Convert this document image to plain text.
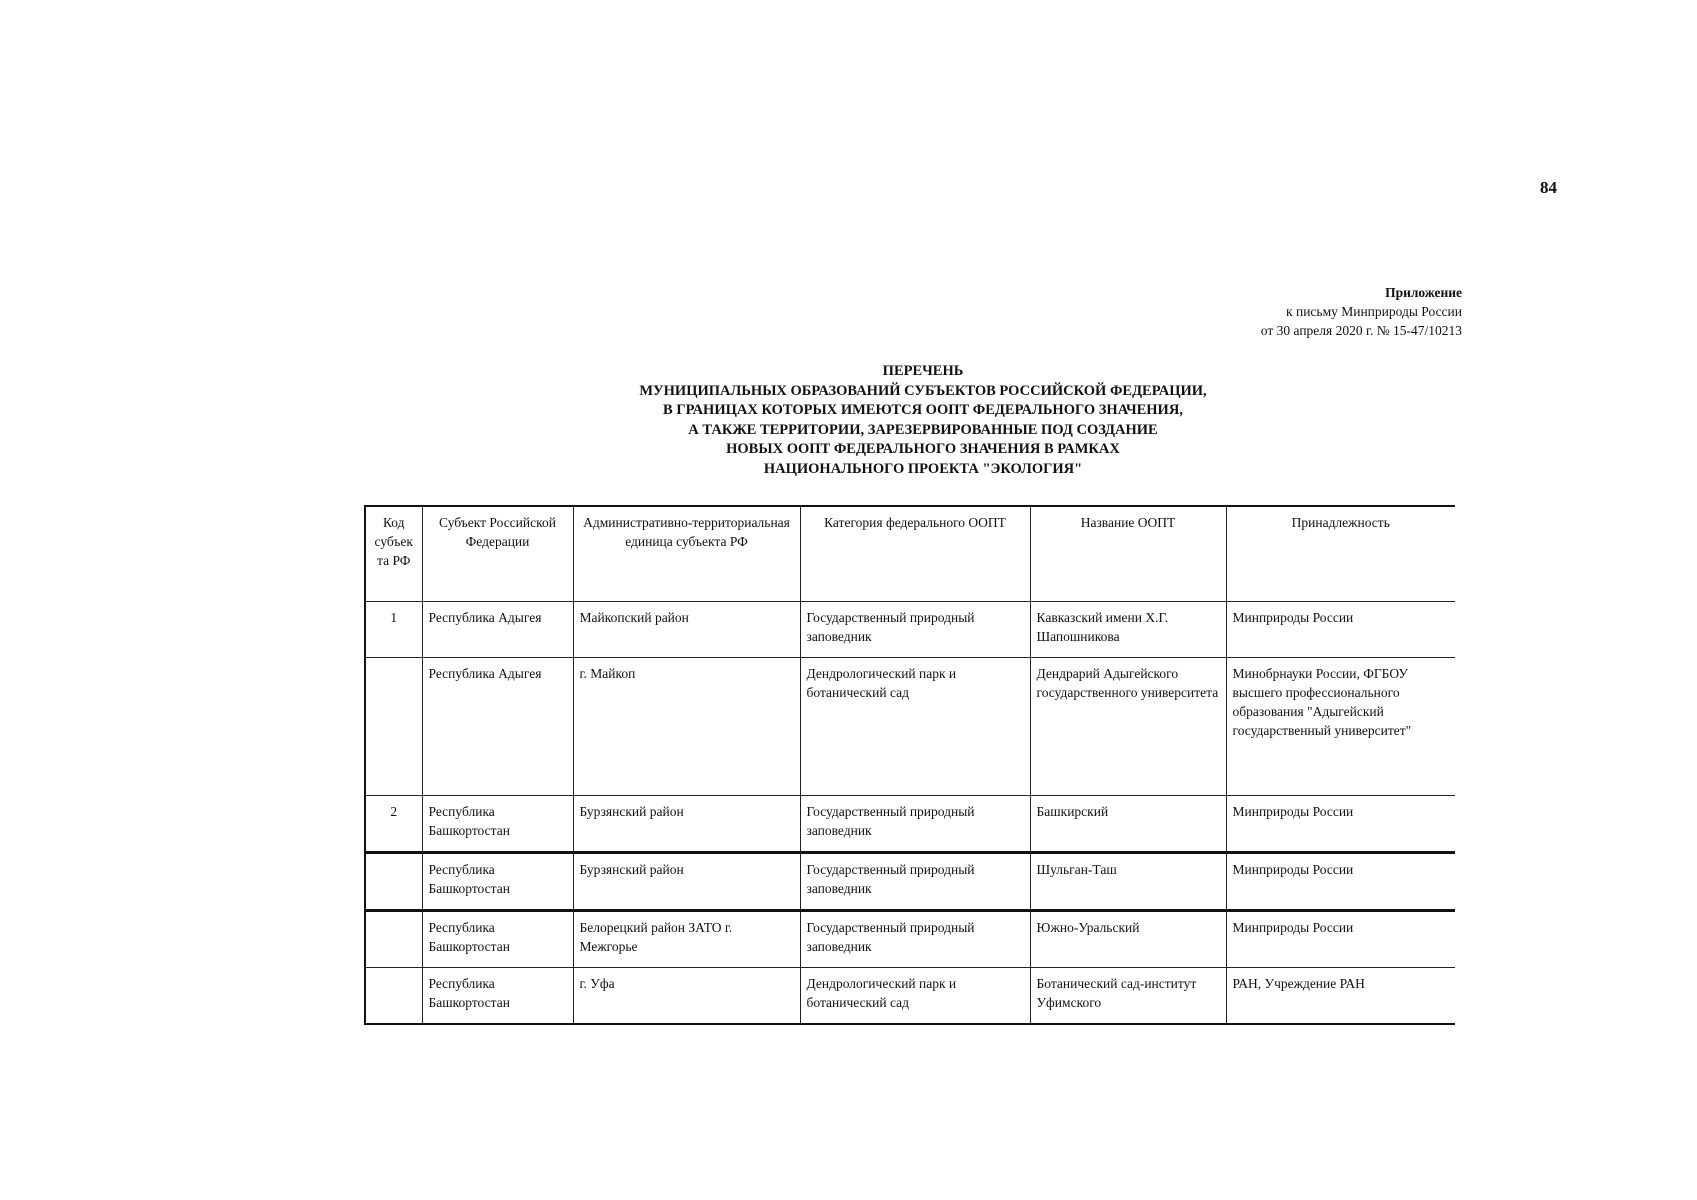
84
Приложение
к письму Минприроды России
от 30 апреля 2020 г. № 15-47/10213
ПЕРЕЧЕНЬ
МУНИЦИПАЛЬНЫХ ОБРАЗОВАНИЙ СУБЪЕКТОВ РОССИЙСКОЙ ФЕДЕРАЦИИ,
В ГРАНИЦАХ КОТОРЫХ ИМЕЮТСЯ ООПТ ФЕДЕРАЛЬНОГО ЗНАЧЕНИЯ,
А ТАКЖЕ ТЕРРИТОРИИ, ЗАРЕЗЕРВИРОВАННЫЕ ПОД СОЗДАНИЕ
НОВЫХ ООПТ ФЕДЕРАЛЬНОГО ЗНАЧЕНИЯ В РАМКАХ
НАЦИОНАЛЬНОГО ПРОЕКТА "ЭКОЛОГИЯ"
Код субъекта РФ	Субъект Российской Федерации	Административно-территориальная единица субъекта РФ	Категория федерального ООПТ	Название ООПТ	Принадлежность
1	Республика Адыгея	Майкопский район	Государственный природный заповедник	Кавказский имени Х.Г. Шапошникова	Минприроды России
	Республика Адыгея	г. Майкоп	Дендрологический парк и ботанический сад	Дендрарий Адыгейского государственного университета	Минобрнауки России, ФГБОУ высшего профессионального образования "Адыгейский государственный университет"
2	Республика Башкортостан	Бурзянский район	Государственный природный заповедник	Башкирский	Минприроды России
	Республика Башкортостан	Бурзянский район	Государственный природный заповедник	Шульган-Таш	Минприроды России
	Республика Башкортостан	Белорецкий район ЗАТО г. Межгорье	Государственный природный заповедник	Южно-Уральский	Минприроды России
	Республика Башкортостан	г. Уфа	Дендрологический парк и ботанический сад	Ботанический сад-институт Уфимского	РАН, Учреждение РАН
